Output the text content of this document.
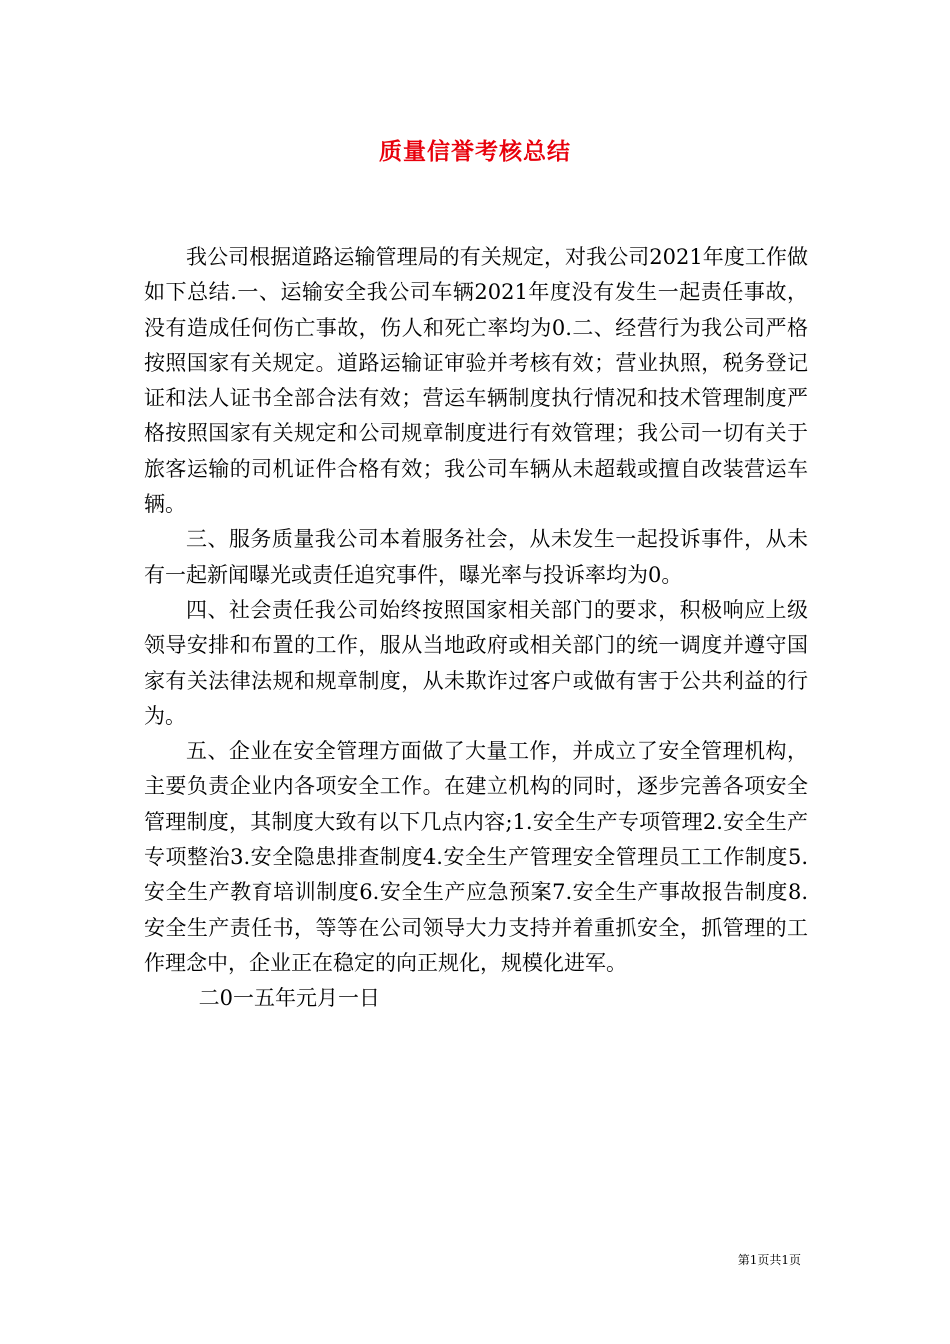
质量信誉考核总结

我公司根据道路运输管理局的有关规定，对我公司2021年度工作做如下总结.一、运输安全我公司车辆2021年度没有发生一起责任事故，没有造成任何伤亡事故，伤人和死亡率均为0.二、经营行为我公司严格按照国家有关规定。道路运输证审验并考核有效；营业执照，税务登记证和法人证书全部合法有效；营运车辆制度执行情况和技术管理制度严格按照国家有关规定和公司规章制度进行有效管理；我公司一切有关于旅客运输的司机证件合格有效；我公司车辆从未超载或擅自改装营运车辆。

三、服务质量我公司本着服务社会，从未发生一起投诉事件，从未有一起新闻曝光或责任追究事件，曝光率与投诉率均为0。

四、社会责任我公司始终按照国家相关部门的要求，积极响应上级领导安排和布置的工作，服从当地政府或相关部门的统一调度并遵守国家有关法律法规和规章制度，从未欺诈过客户或做有害于公共利益的行为。

五、企业在安全管理方面做了大量工作，并成立了安全管理机构，主要负责企业内各项安全工作。在建立机构的同时，逐步完善各项安全管理制度，其制度大致有以下几点内容;1.安全生产专项管理2.安全生产专项整治3.安全隐患排查制度4.安全生产管理安全管理员工工作制度5.安全生产教育培训制度6.安全生产应急预案7.安全生产事故报告制度8.安全生产责任书，等等在公司领导大力支持并着重抓安全，抓管理的工作理念中，企业正在稳定的向正规化，规模化进军。

二0一五年元月一日

第1页共1页
